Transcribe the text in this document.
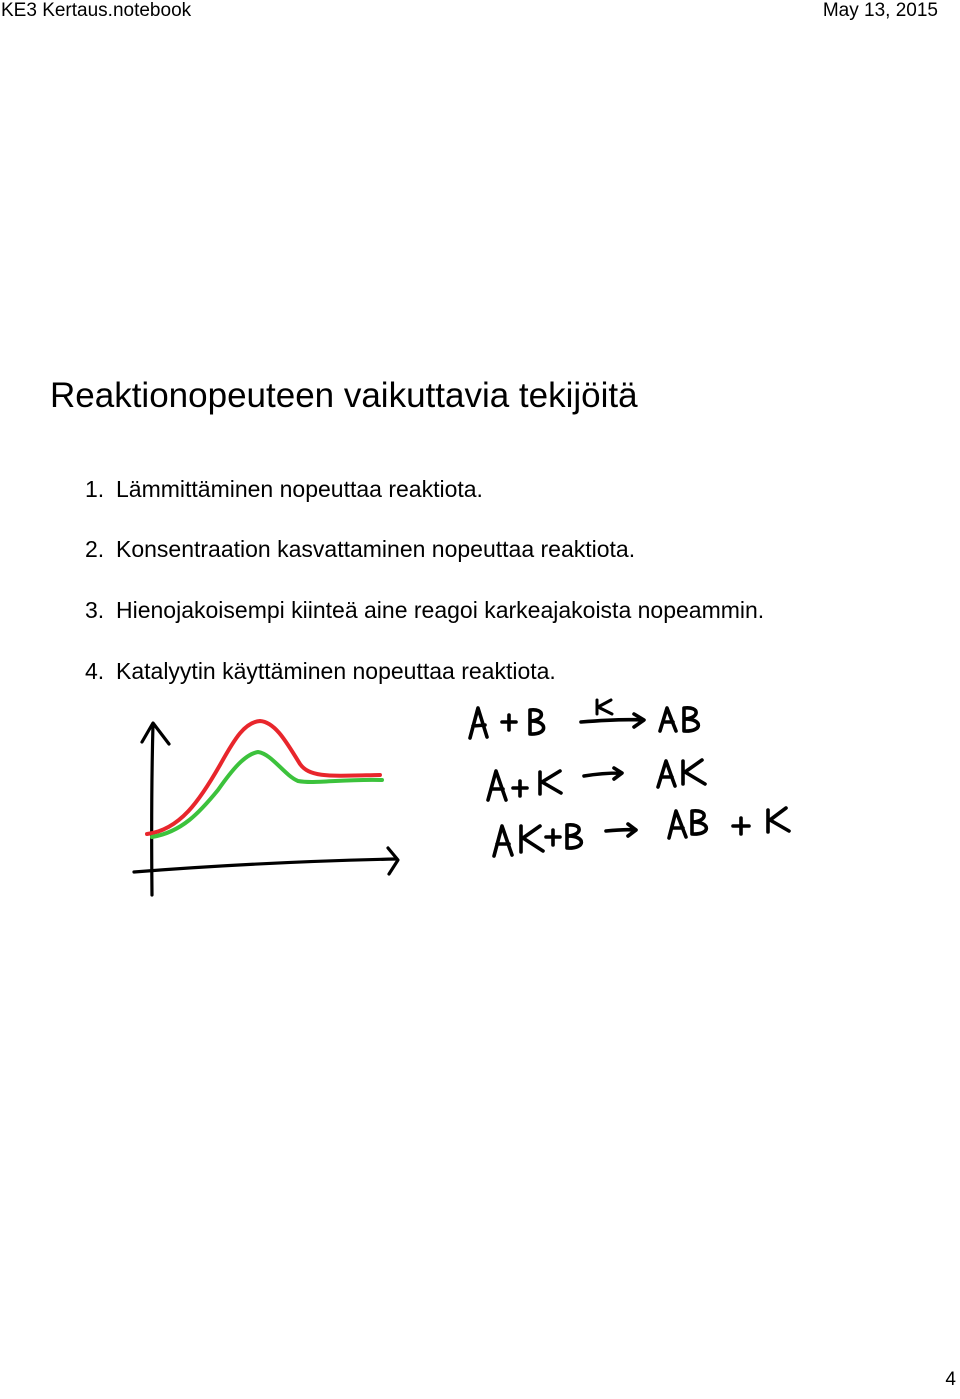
KE3 Kertaus.notebook	May 13, 2015
Reaktionopeuteen vaikuttavia tekijöitä
1. Lämmittäminen nopeuttaa reaktiota.
2. Konsentraation kasvattaminen nopeuttaa reaktiota.
3. Hienojakoisempi kiinteä aine reagoi karkeajakoista nopeammin.
4. Katalyytin käyttäminen nopeuttaa reaktiota.
4
